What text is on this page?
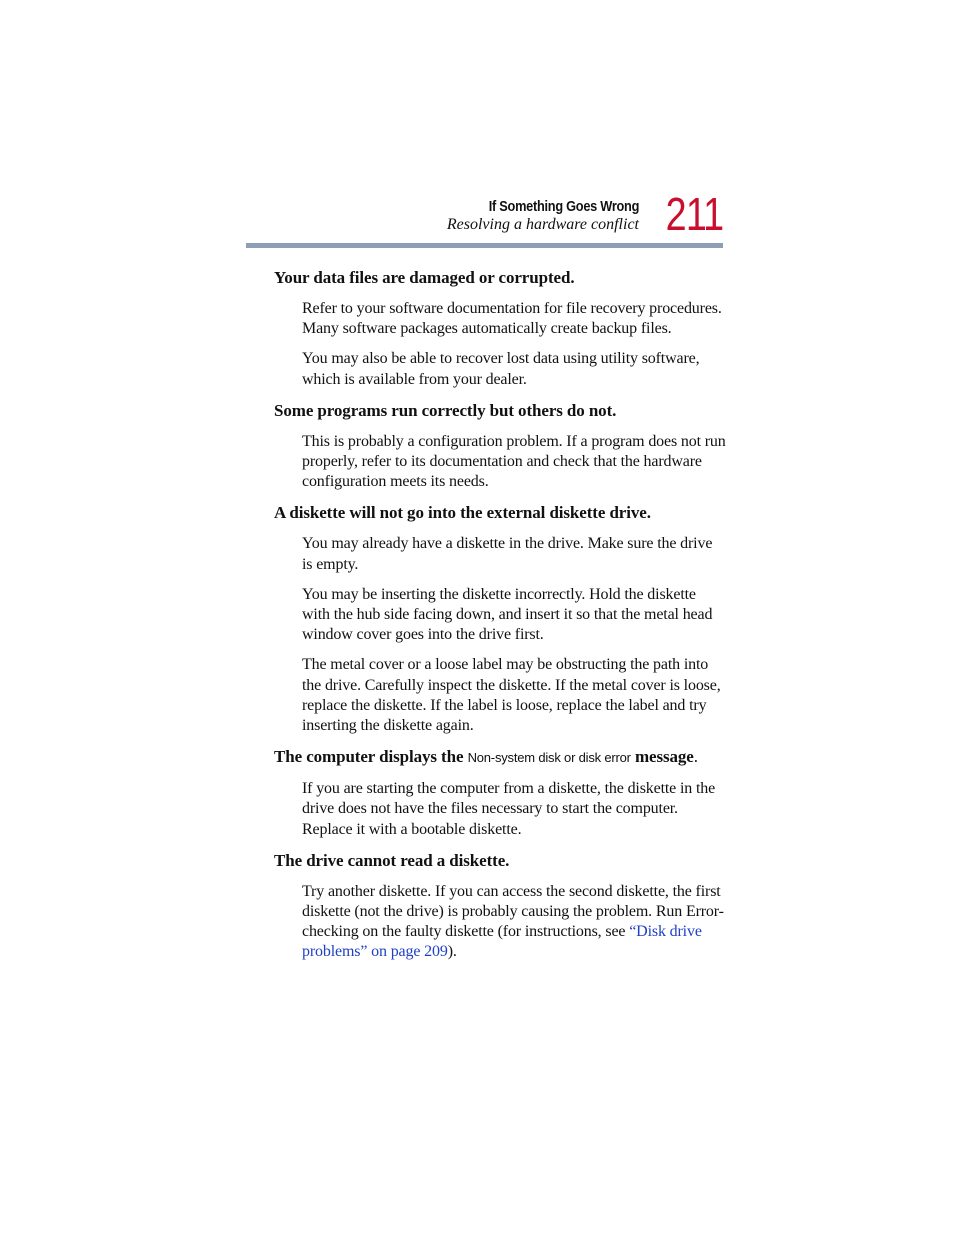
If Something Goes Wrong
Resolving a hardware conflict 211
Your data files are damaged or corrupted.
Refer to your software documentation for file recovery procedures. Many software packages automatically create backup files.
You may also be able to recover lost data using utility software, which is available from your dealer.
Some programs run correctly but others do not.
This is probably a configuration problem. If a program does not run properly, refer to its documentation and check that the hardware configuration meets its needs.
A diskette will not go into the external diskette drive.
You may already have a diskette in the drive. Make sure the drive is empty.
You may be inserting the diskette incorrectly. Hold the diskette with the hub side facing down, and insert it so that the metal head window cover goes into the drive first.
The metal cover or a loose label may be obstructing the path into the drive. Carefully inspect the diskette. If the metal cover is loose, replace the diskette. If the label is loose, replace the label and try inserting the diskette again.
The computer displays the Non-system disk or disk error message.
If you are starting the computer from a diskette, the diskette in the drive does not have the files necessary to start the computer. Replace it with a bootable diskette.
The drive cannot read a diskette.
Try another diskette. If you can access the second diskette, the first diskette (not the drive) is probably causing the problem. Run Error-checking on the faulty diskette (for instructions, see “Disk drive problems” on page 209).
